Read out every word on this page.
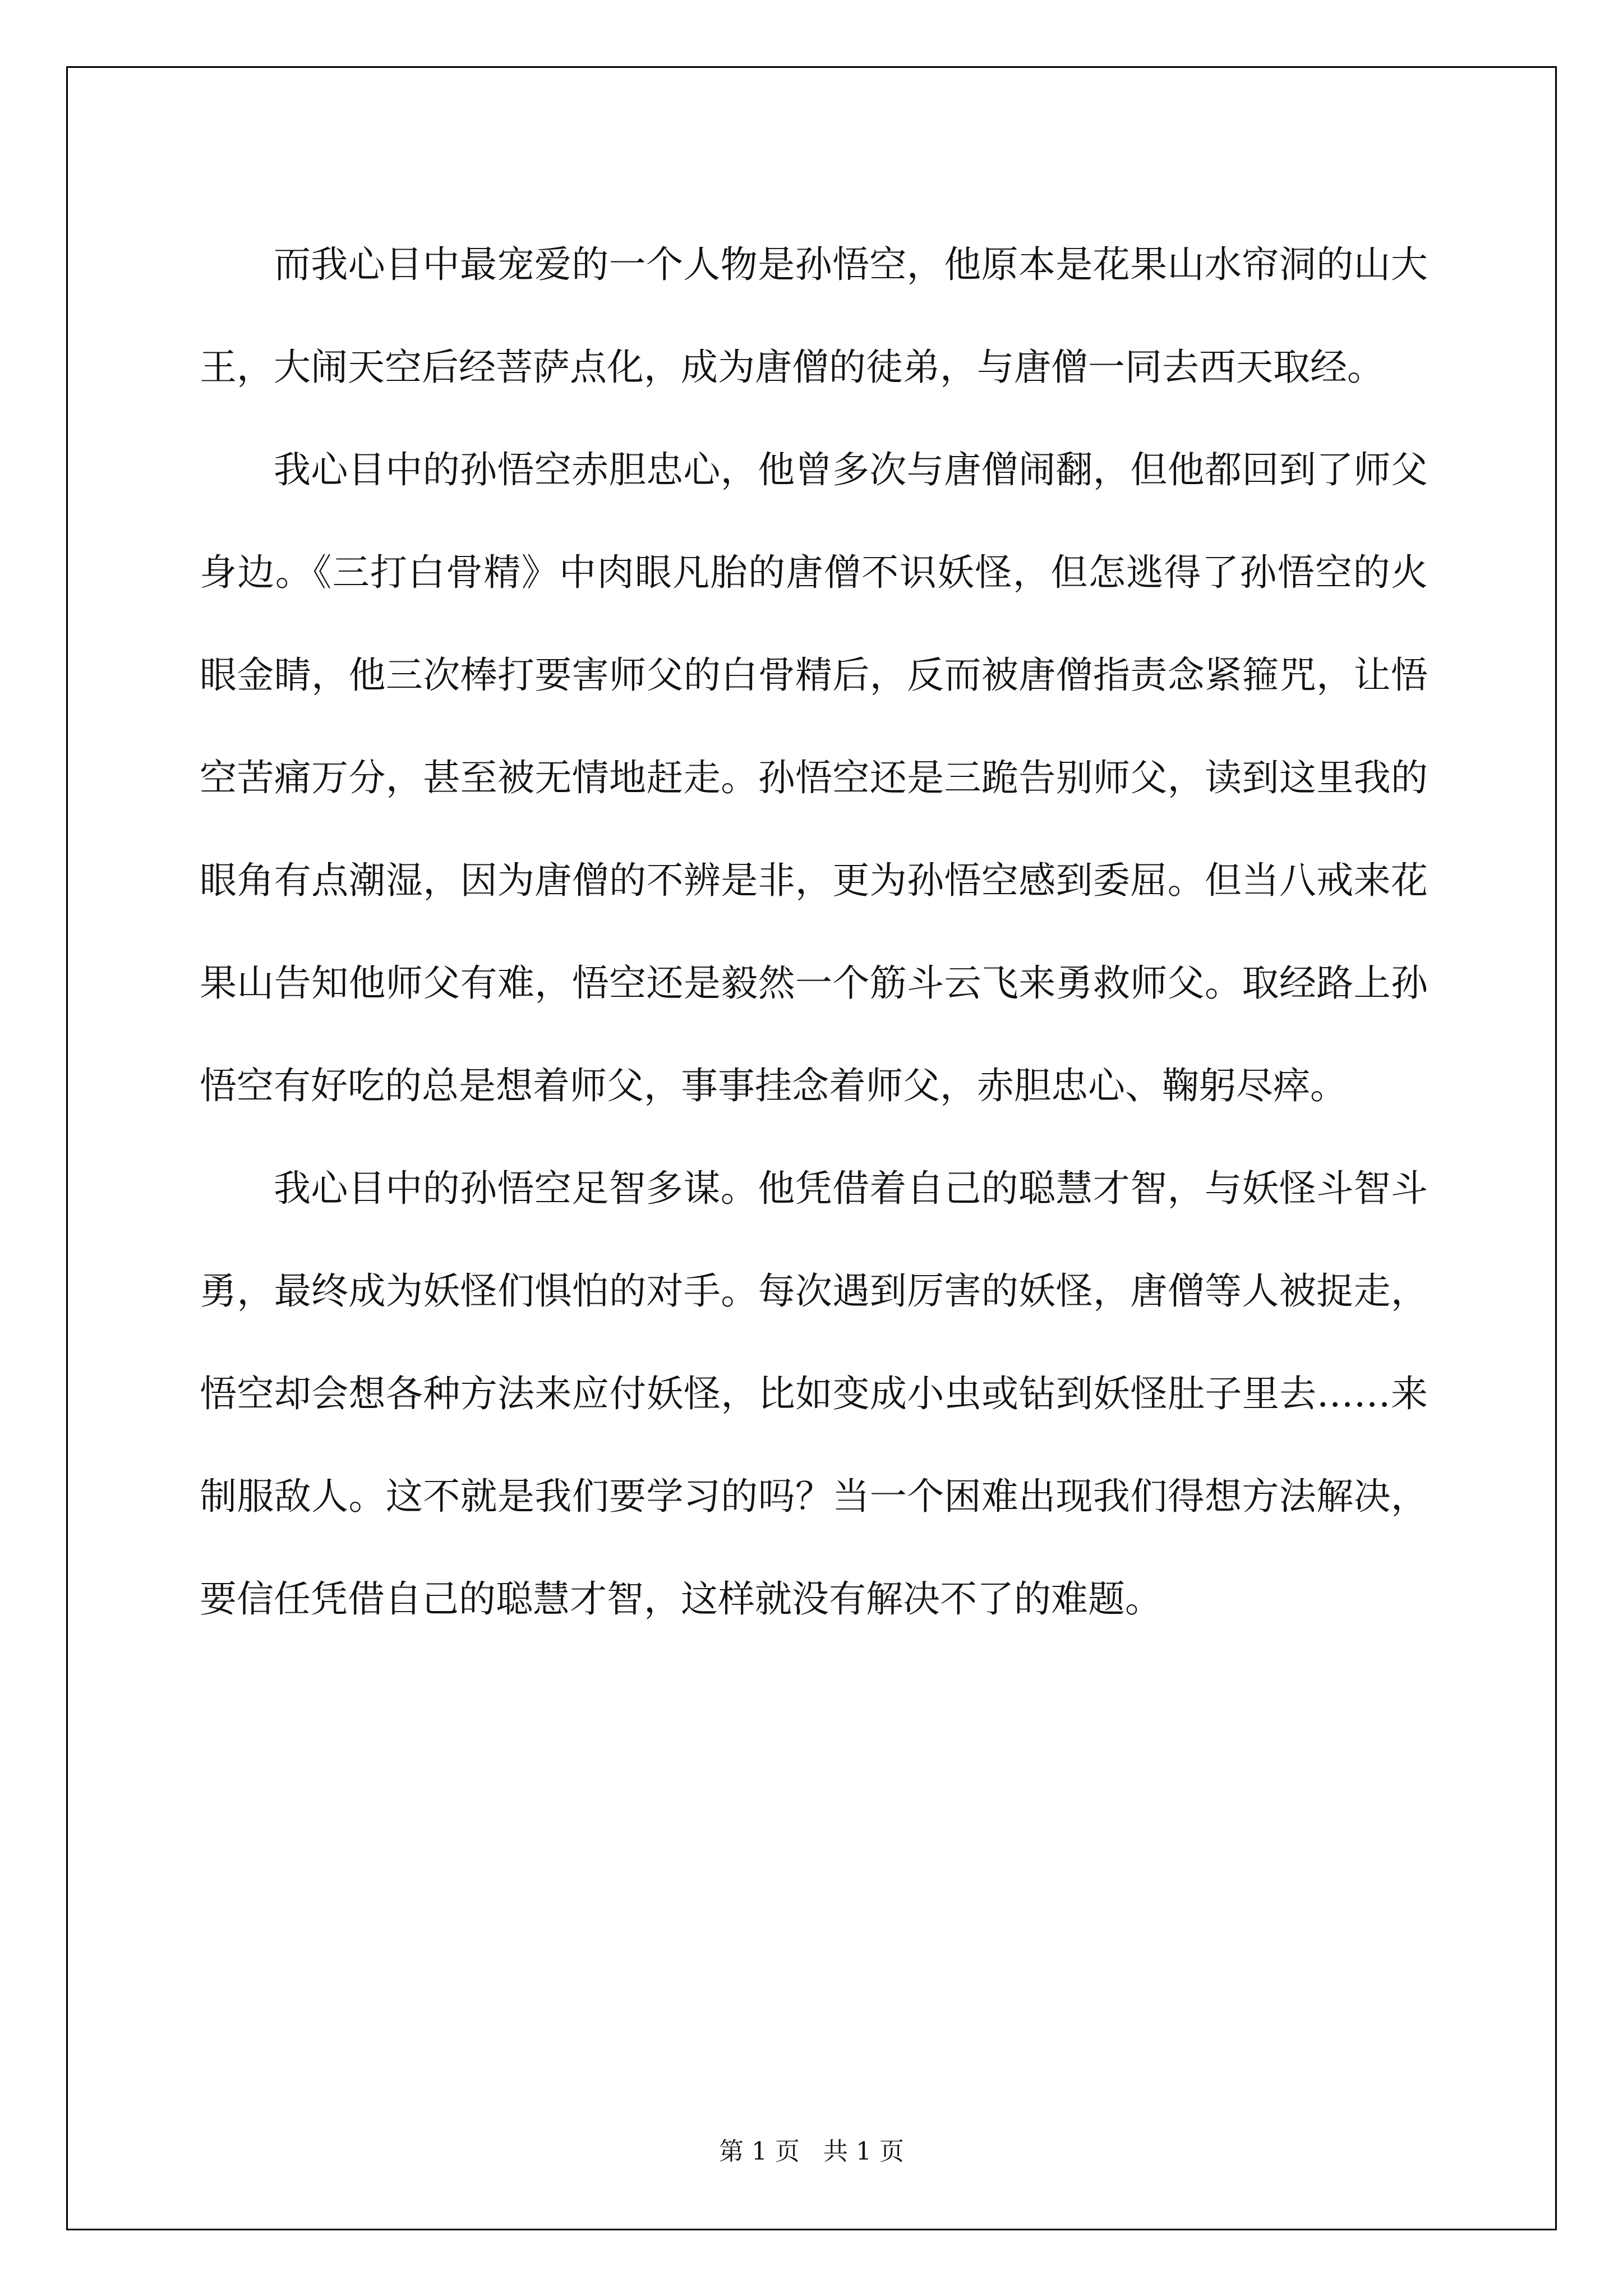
而我心目中最宠爱的一个人物是孙悟空，他原本是花果山水帘洞的山大王，大闹天空后经菩萨点化，成为唐僧的徒弟，与唐僧一同去西天取经。

我心目中的孙悟空赤胆忠心，他曾多次与唐僧闹翻，但他都回到了师父身边。《三打白骨精》中肉眼凡胎的唐僧不识妖怪，但怎逃得了孙悟空的火眼金睛，他三次棒打要害师父的白骨精后，反而被唐僧指责念紧箍咒，让悟空苦痛万分，甚至被无情地赶走。孙悟空还是三跪告别师父，读到这里我的眼角有点潮湿，因为唐僧的不辨是非，更为孙悟空感到委屈。但当八戒来花果山告知他师父有难，悟空还是毅然一个筋斗云飞来勇救师父。取经路上孙悟空有好吃的总是想着师父，事事挂念着师父，赤胆忠心、鞠躬尽瘁。

我心目中的孙悟空足智多谋。他凭借着自己的聪慧才智，与妖怪斗智斗勇，最终成为妖怪们惧怕的对手。每次遇到厉害的妖怪，唐僧等人被捉走，悟空却会想各种方法来应付妖怪，比如变成小虫或钻到妖怪肚子里去……来制服敌人。这不就是我们要学习的吗？当一个困难出现我们得想方法解决，要信任凭借自己的聪慧才智，这样就没有解决不了的难题。

第 1 页   共 1 页
